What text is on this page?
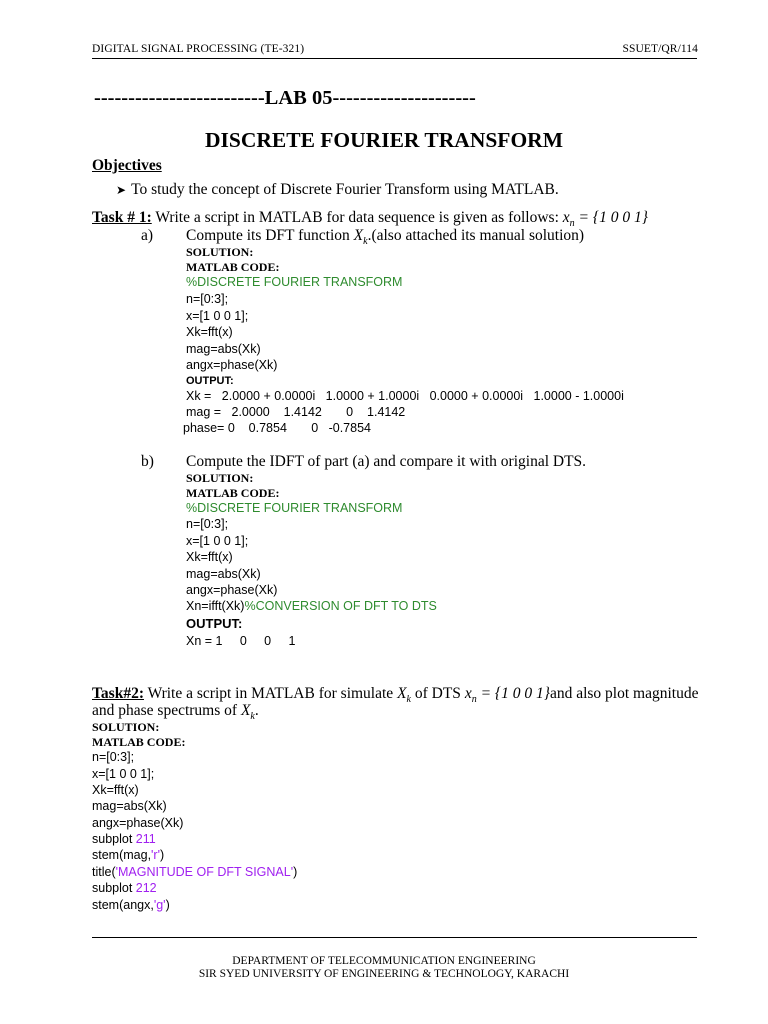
DIGITAL SIGNAL PROCESSING (TE-321)	SSUET/QR/114
-------------------------LAB 05---------------------
DISCRETE FOURIER TRANSFORM
Objectives
➤ To study the concept of Discrete Fourier Transform using MATLAB.
Task # 1: Write a script in MATLAB for data sequence is given as follows: $x_n = \{1$ 0 0 1}
a) Compute its DFT function $X_k.(also$ attached its manual solution)
SOLUTION:
MATLAB CODE:
%DISCRETE FOURIER TRANSFORM
n=[0:3];
x=[1 0 0 1];
Xk=fft(x)
mag=abs(Xk)
angx=phase(Xk)
OUTPUT:
Xk =   2.0000 + 0.0000i   1.0000 + 1.0000i   0.0000 + 0.0000i   1.0000 - 1.0000i
mag =   2.0000    1.4142       0    1.4142
phase= 0    0.7854       0   -0.7854
b) Compute the IDFT of part (a) and compare it with original DTS.
SOLUTION:
MATLAB CODE:
%DISCRETE FOURIER TRANSFORM
n=[0:3];
x=[1 0 0 1];
Xk=fft(x)
mag=abs(Xk)
angx=phase(Xk)
Xn=ifft(Xk)%CONVERSION OF DFT TO DTS
OUTPUT:
Xn = 1     0     0     1
Task#2: Write a script in MATLAB for simulate $X_k$ of DTS $x_n = \{1$ 0 0 1}and also plot magnitude
and phase spectrums of $X_k$.
SOLUTION:
MATLAB CODE:
n=[0:3];
x=[1 0 0 1];
Xk=fft(x)
mag=abs(Xk)
angx=phase(Xk)
subplot 211
stem(mag,'r')
title('MAGNITUDE OF DFT SIGNAL')
subplot 212
stem(angx,'g')
DEPARTMENT OF TELECOMMUNICATION ENGINEERING
SIR SYED UNIVERSITY OF ENGINEERING & TECHNOLOGY, KARACHI
